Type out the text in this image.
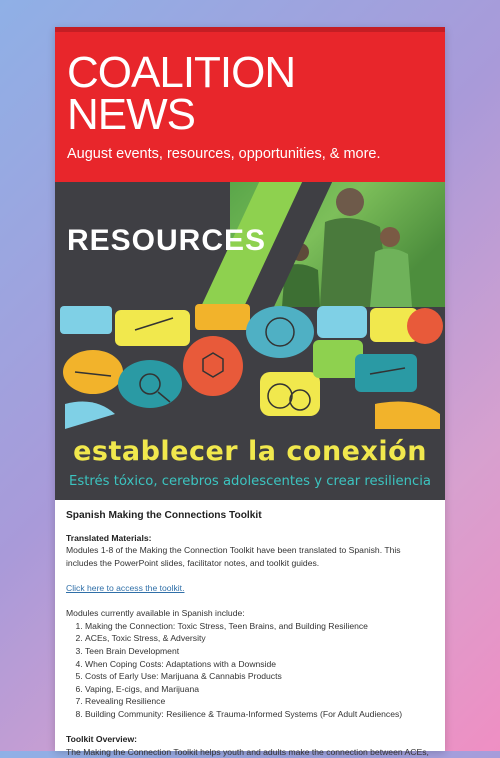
COALITION
NEWS
August events, resources, opportunities, & more.
RESOURCES
establecer la conexión
Estrés tóxico, cerebros adolescentes y crear resiliencia
Spanish Making the Connections Toolkit

Translated Materials:

Modules 1-8 of the Making the Connection Toolkit have been translated to Spanish. This includes the PowerPoint slides, facilitator notes, and toolkit guides.

Click here to access the toolkit.

Modules currently available in Spanish include:

1. Making the Connection: Toxic Stress, Teen Brains, and Building Resilience
2. ACEs, Toxic Stress, & Adversity
3. Teen Brain Development
4. When Coping Costs: Adaptations with a Downside
5. Costs of Early Use: Marijuana & Cannabis Products
6. Vaping, E-cigs, and Marijuana
7. Revealing Resilience
8. Building Community: Resilience & Trauma-Informed Systems (For Adult Audiences)

Toolkit Overview:

The Making the Connection Toolkit helps youth and adults make the connection between ACEs,
